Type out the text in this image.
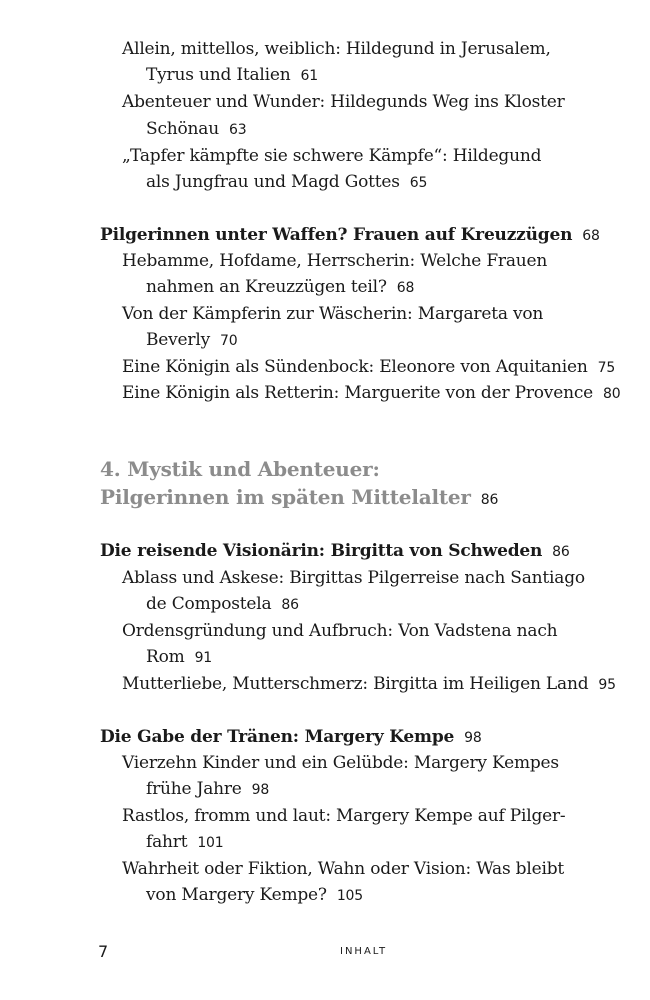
Allein, mittellos, weiblich: Hildegund in Jerusalem,
Tyrus und Italien 61
Abenteuer und Wunder: Hildegunds Weg ins Kloster
Schönau 63
„Tapfer kämpfte sie schwere Kämpfe“: Hildegund
als Jungfrau und Magd Gottes 65
Pilgerinnen unter Waffen? Frauen auf Kreuzzügen 68
Hebamme, Hofdame, Herrscherin: Welche Frauen
nahmen an Kreuzzügen teil? 68
Von der Kämpferin zur Wäscherin: Margareta von
Beverly 70
Eine Königin als Sündenbock: Eleonore von Aquitanien 75
Eine Königin als Retterin: Marguerite von der Provence 80
4. Mystik und Abenteuer:
Pilgerinnen im späten Mittelalter 86
Die reisende Visionärin: Birgitta von Schweden 86
Ablass und Askese: Birgittas Pilgerreise nach Santiago
de Compostela 86
Ordensgründung und Aufbruch: Von Vadstena nach
Rom 91
Mutterliebe, Mutterschmerz: Birgitta im Heiligen Land 95
Die Gabe der Tränen: Margery Kempe 98
Vierzehn Kinder und ein Gelübde: Margery Kempes
frühe Jahre 98
Rastlos, fromm und laut: Margery Kempe auf Pilger-
fahrt 101
Wahrheit oder Fiktion, Wahn oder Vision: Was bleibt
von Margery Kempe? 105
7	INHALT
